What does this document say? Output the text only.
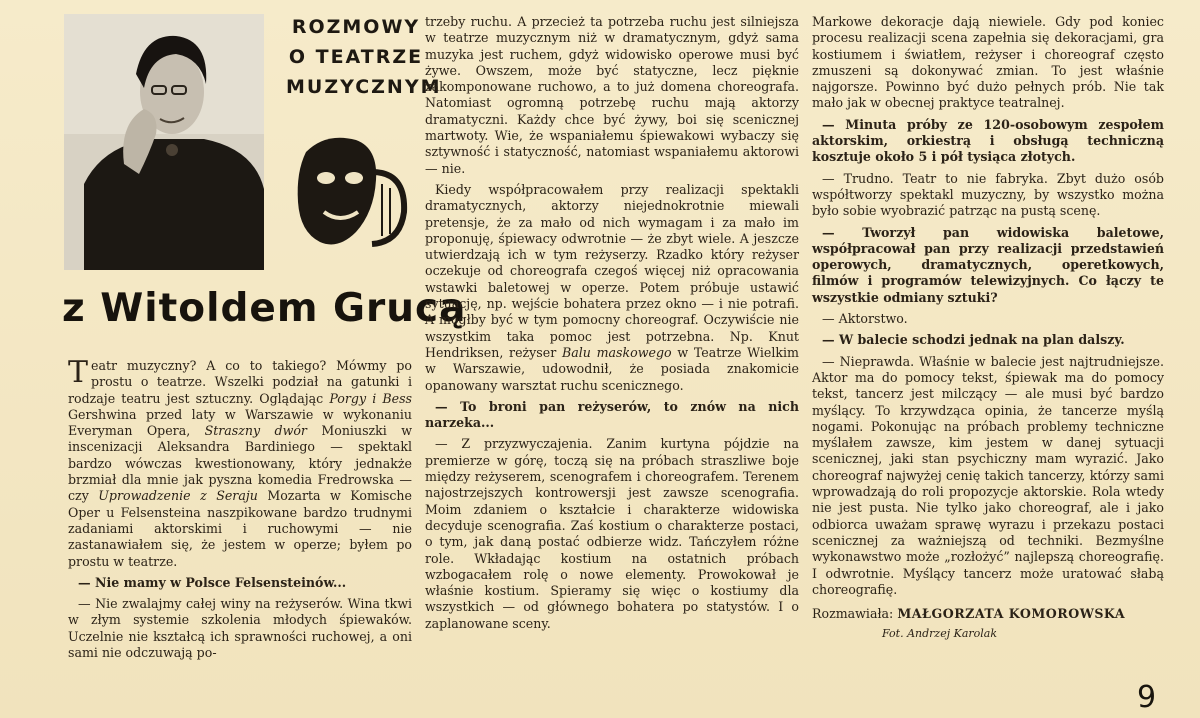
ROZMOWY
O TEATRZE
MUZYCZNYM
z Witoldem Grucą

Teatr muzyczny? A co to takiego? Mówmy po prostu o teatrze. Wszelki podział na gatunki i rodzaje teatru jest sztuczny. Oglądając Porgy i Bess Gershwina przed laty w Warszawie w wykonaniu Everyman Opera, Straszny dwór Moniuszki w inscenizacji Aleksandra Bardiniego — spektakl bardzo wówczas kwestionowany, który jednakże brzmiał dla mnie jak pyszna komedia Fredrowska — czy Uprowadzenie z Seraju Mozarta w Komische Oper u Felsensteina naszpikowane bardzo trudnymi zadaniami aktorskimi i ruchowymi — nie zastanawiałem się, że jestem w operze; byłem po prostu w teatrze.

— Nie mamy w Polsce Felsensteinów...

— Nie zwalajmy całej winy na reżyserów. Wina tkwi w złym systemie szkolenia młodych śpiewaków. Uczelnie nie kształcą ich sprawności ruchowej, a oni sami nie odczuwają po-

trzeby ruchu. A przecież ta potrzeba ruchu jest silniejsza w teatrze muzycznym niż w dramatycznym, gdyż sama muzyka jest ruchem, gdyż widowisko operowe musi być żywe. Owszem, może być statyczne, lecz pięknie zakomponowane ruchowo, a to już domena choreografa. Natomiast ogromną potrzebę ruchu mają aktorzy dramatyczni. Każdy chce być żywy, boi się scenicznej martwoty. Wie, że wspaniałemu śpiewakowi wybaczy się sztywność i statyczność, natomiast wspaniałemu aktorowi — nie.

Kiedy współpracowałem przy realizacji spektakli dramatycznych, aktorzy niejednokrotnie miewali pretensje, że za mało od nich wymagam i za mało im proponuję, śpiewacy odwrotnie — że zbyt wiele. A jeszcze utwierdzają ich w tym reżyserzy. Rzadko który reżyser oczekuje od choreografa czegoś więcej niż opracowania wstawki baletowej w operze. Potem próbuje ustawić sytuację, np. wejście bohatera przez okno — i nie potrafi. A mógłby być w tym pomocny choreograf. Oczywiście nie wszystkim taka pomoc jest potrzebna. Np. Knut Hendriksen, reżyser Balu maskowego w Teatrze Wielkim w Warszawie, udowodnił, że posiada znakomicie opanowany warsztat ruchu scenicznego.

— To broni pan reżyserów, to znów na nich narzeka...

— Z przyzwyczajenia. Zanim kurtyna pójdzie na premierze w górę, toczą się na próbach straszliwe boje między reżyserem, scenografem i choreografem. Terenem najostrzejszych kontrowersji jest zawsze scenografia. Moim zdaniem o kształcie i charakterze widowiska decyduje scenografia. Zaś kostium o charakterze postaci, o tym, jak daną postać odbierze widz. Tańczyłem różne role. Wkładając kostium na ostatnich próbach wzbogacałem rolę o nowe elementy. Prowokował je właśnie kostium. Spieramy się więc o kostiumy dla wszystkich — od głównego bohatera po statystów. I o zaplanowane sceny.

Markowe dekoracje dają niewiele. Gdy pod koniec procesu realizacji scena zapełnia się dekoracjami, gra kostiumem i światłem, reżyser i choreograf często zmuszeni są dokonywać zmian. To jest właśnie najgorsze. Powinno być dużo pełnych prób. Nie tak mało jak w obecnej praktyce teatralnej.

— Minuta próby ze 120-osobowym zespołem aktorskim, orkiestrą i obsługą techniczną kosztuje około 5 i pół tysiąca złotych.

— Trudno. Teatr to nie fabryka. Zbyt dużo osób współtworzy spektakl muzyczny, by wszystko można było sobie wyobrazić patrząc na pustą scenę.

— Tworzył pan widowiska baletowe, współpracował pan przy realizacji przedstawień operowych, dramatycznych, operetkowych, filmów i programów telewizyjnych. Co łączy te wszystkie odmiany sztuki?

— Aktorstwo.

— W balecie schodzi jednak na plan dalszy.

— Nieprawda. Właśnie w balecie jest najtrudniejsze. Aktor ma do pomocy tekst, śpiewak ma do pomocy tekst, tancerz jest milczący — ale musi być bardzo myślący. To krzywdząca opinia, że tancerze myślą nogami. Pokonując na próbach problemy techniczne myślałem zawsze, kim jestem w danej sytuacji scenicznej, jaki stan psychiczny mam wyrazić. Jako choreograf najwyżej cenię takich tancerzy, którzy sami wprowadzają do roli propozycje aktorskie. Rola wtedy nie jest pusta. Nie tylko jako choreograf, ale i jako odbiorca uważam sprawę wyrazu i przekazu postaci scenicznej za ważniejszą od techniki. Bezmyślne wykonawstwo może „rozłożyć” najlepszą choreografię. I odwrotnie. Myślący tancerz może uratować słabą choreografię.

Rozmawiała: MAŁGORZATA KOMOROWSKA

Fot. Andrzej Karolak
9
